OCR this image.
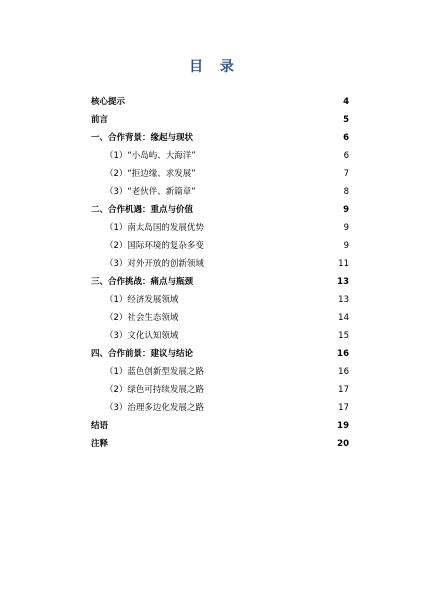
目 录
核心提示	4
前言	5
一、合作背景：缘起与现状	6
（1）“小岛屿、大海洋”	6
（2）“拒边缘、求发展”	7
（3）“老伙伴、新篇章”	8
二、合作机遇：重点与价值	9
（1）南太岛国的发展优势	9
（2）国际环境的复杂多变	9
（3）对外开放的创新领域	11
三、合作挑战：痛点与瓶颈	13
（1）经济发展领域	13
（2）社会生态领域	14
（3）文化认知领域	15
四、合作前景：建议与结论	16
（1）蓝色创新型发展之路	16
（2）绿色可持续发展之路	17
（3）治理多边化发展之路	17
结语	19
注释	20
